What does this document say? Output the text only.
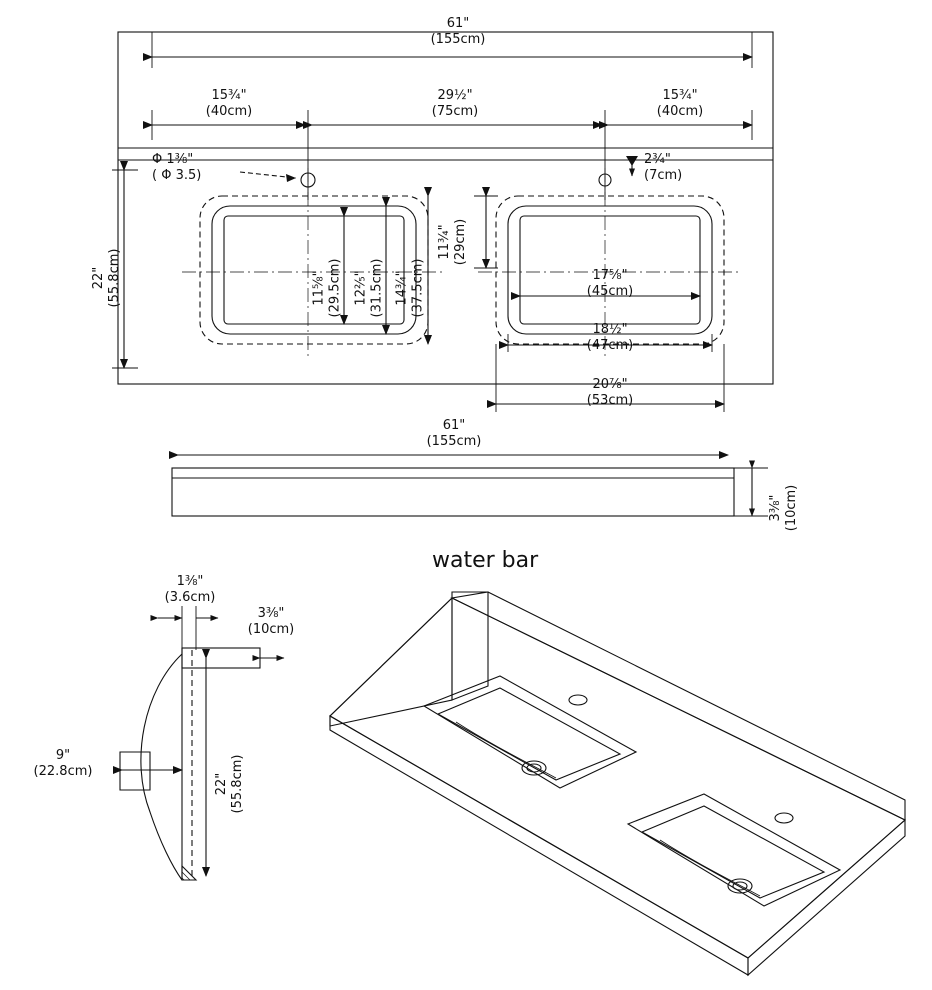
61"
(155cm)
15¾"
(40cm)
29½"
(75cm)
15¾"
(40cm)
22" (55.8cm)
Φ 1⅜"
( Φ 3.5)
2¾"
(7cm)
11¾" (29cm)
11⅝" (29.5cm) 12⅖" (31.5cm) 14¾" (37.5cm)	17⅝"
(45cm)
18½"
(47cm)
20⅞"
(53cm)
61"
(155cm)
3⅜" (10cm)
water bar
1⅜"
(3.6cm)
3⅜"
(10cm)
9"
(22.8cm)
22" (55.8cm)
